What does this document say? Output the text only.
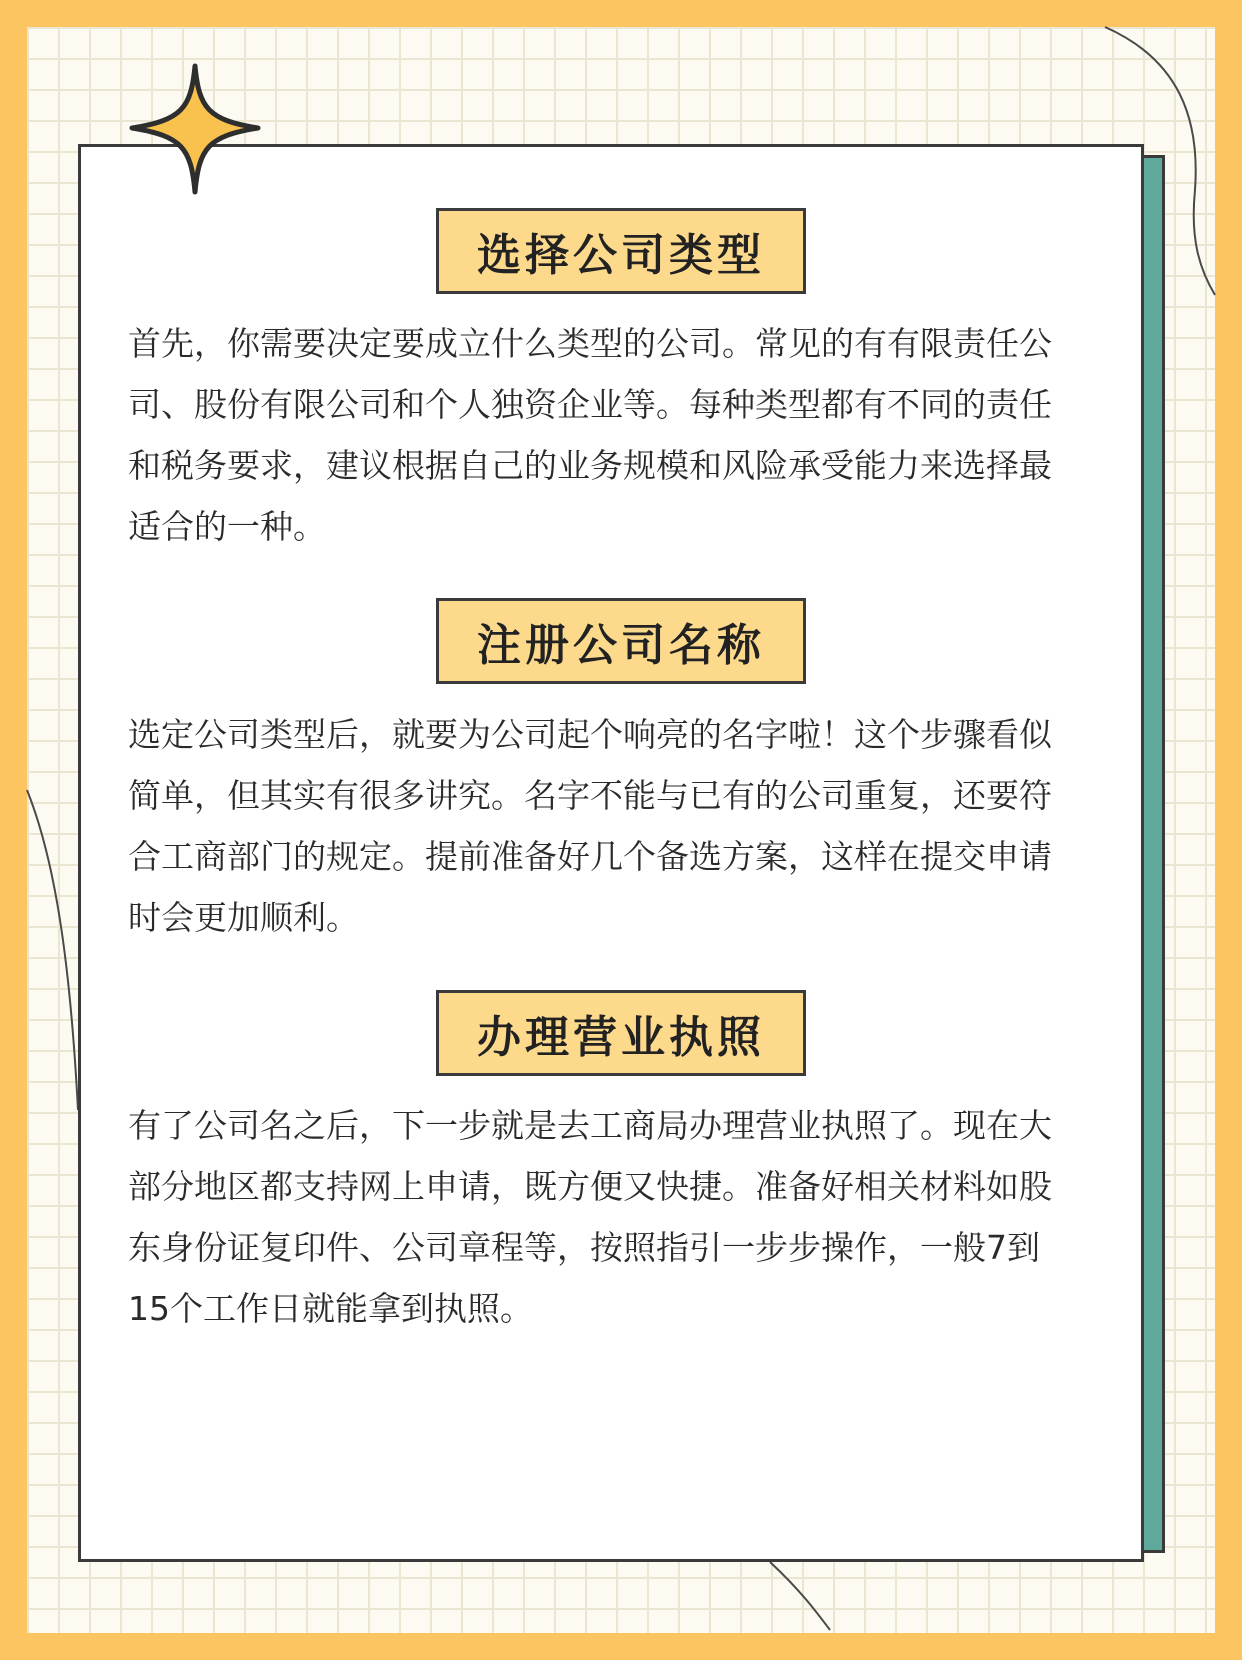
选择公司类型

首先，你需要决定要成立什么类型的公司。常见的有有限责任公司、股份有限公司和个人独资企业等。每种类型都有不同的责任和税务要求，建议根据自己的业务规模和风险承受能力来选择最适合的一种。

注册公司名称

选定公司类型后，就要为公司起个响亮的名字啦！这个步骤看似简单，但其实有很多讲究。名字不能与已有的公司重复，还要符合工商部门的规定。提前准备好几个备选方案，这样在提交申请时会更加顺利。

办理营业执照

有了公司名之后，下一步就是去工商局办理营业执照了。现在大部分地区都支持网上申请，既方便又快捷。准备好相关材料如股东身份证复印件、公司章程等，按照指引一步步操作，一般7到15个工作日就能拿到执照。
